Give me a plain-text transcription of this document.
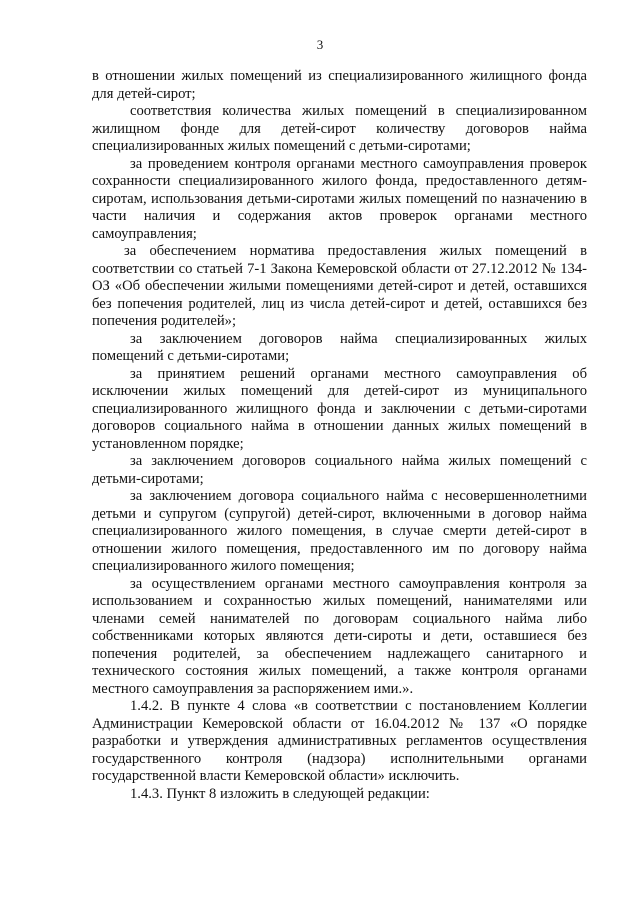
3

в отношении жилых помещений из специализированного жилищного фонда для детей-сирот;

соответствия количества жилых помещений в специализированном жилищном фонде для детей-сирот количеству договоров найма специализированных жилых помещений с детьми-сиротами;

за проведением контроля органами местного самоуправления проверок сохранности специализированного жилого фонда, предоставленного детям-сиротам, использования детьми-сиротами жилых помещений по назначению в части наличия и содержания актов проверок органами местного самоуправления;

за обеспечением норматива предоставления жилых помещений в соответствии со статьей 7-1 Закона Кемеровской области от 27.12.2012 № 134-ОЗ «Об обеспечении жилыми помещениями детей-сирот и детей, оставшихся без попечения родителей, лиц из числа детей-сирот и детей, оставшихся без попечения родителей»;

за заключением договоров найма специализированных жилых помещений с детьми-сиротами;

за принятием решений органами местного самоуправления об исключении жилых помещений для детей-сирот из муниципального специализированного жилищного фонда и заключении с детьми-сиротами договоров социального найма в отношении данных жилых помещений в установленном порядке;

за заключением договоров социального найма жилых помещений с детьми-сиротами;

за заключением договора социального найма с несовершеннолетними детьми и супругом (супругой) детей-сирот, включенными в договор найма специализированного жилого помещения, в случае смерти детей-сирот в отношении жилого помещения, предоставленного им по договору найма специализированного жилого помещения;

за осуществлением органами местного самоуправления контроля за использованием и сохранностью жилых помещений, нанимателями или членами семей нанимателей по договорам социального найма либо собственниками которых являются дети-сироты и дети, оставшиеся без попечения родителей, за обеспечением надлежащего санитарного и технического состояния жилых помещений, а также контроля органами местного самоуправления за распоряжением ими.».

1.4.2. В пункте 4 слова «в соответствии с постановлением Коллегии Администрации Кемеровской области от 16.04.2012 № 137 «О порядке разработки и утверждения административных регламентов осуществления государственного контроля (надзора) исполнительными органами государственной власти Кемеровской области» исключить.

1.4.3. Пункт 8 изложить в следующей редакции:
